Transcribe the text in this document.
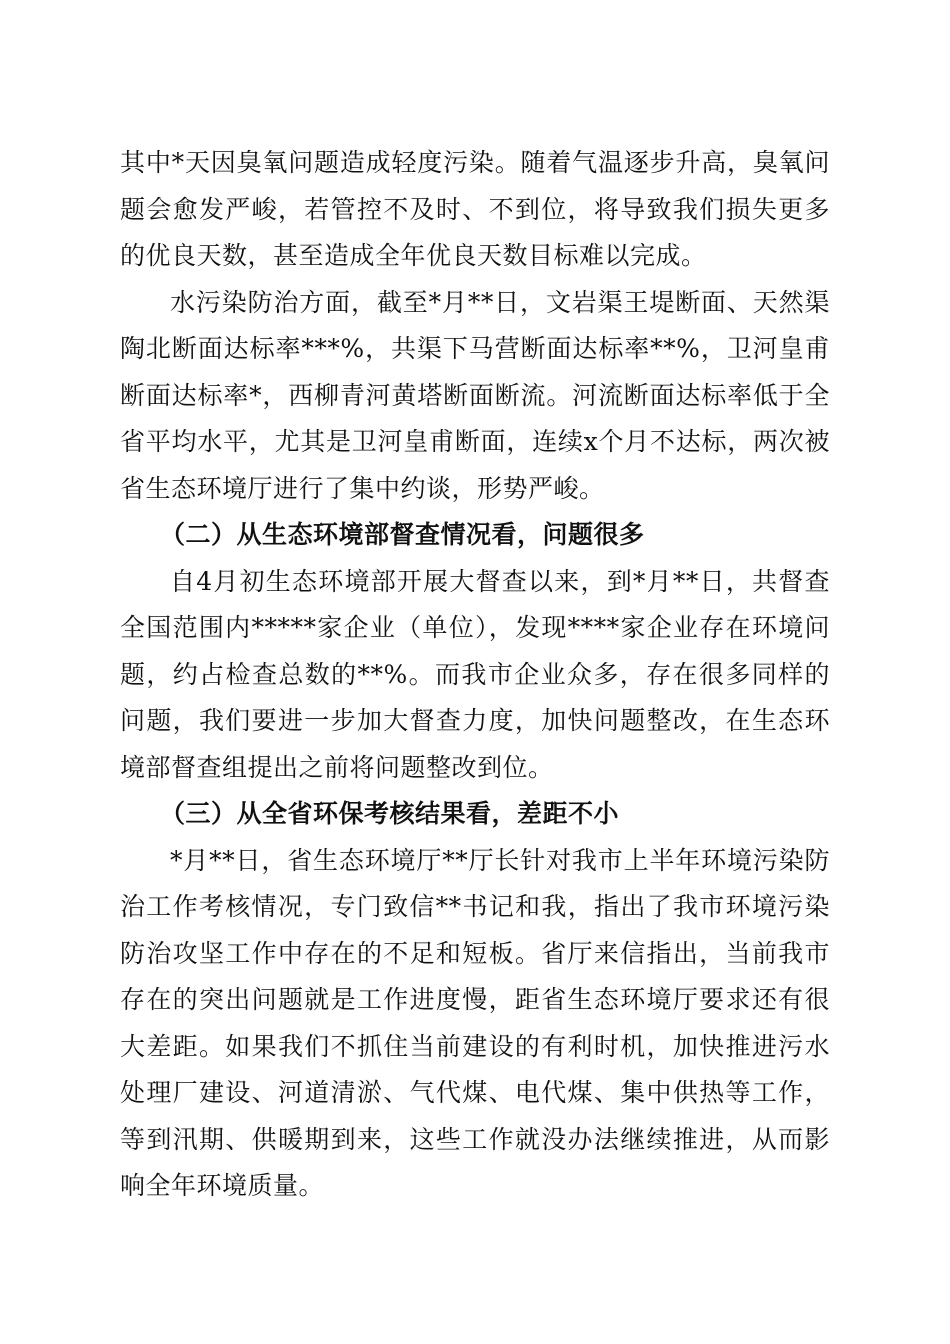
其中*天因臭氧问题造成轻度污染。随着气温逐步升高，臭氧问题会愈发严峻，若管控不及时、不到位，将导致我们损失更多的优良天数，甚至造成全年优良天数目标难以完成。

水污染防治方面，截至*月**日，文岩渠王堤断面、天然渠陶北断面达标率***%，共渠下马营断面达标率**%，卫河皇甫断面达标率*，西柳青河黄塔断面断流。河流断面达标率低于全省平均水平，尤其是卫河皇甫断面，连续x个月不达标，两次被省生态环境厅进行了集中约谈，形势严峻。

（二）从生态环境部督查情况看，问题很多

自4月初生态环境部开展大督查以来，到*月**日，共督查全国范围内*****家企业（单位），发现****家企业存在环境问题，约占检查总数的**%。而我市企业众多，存在很多同样的问题，我们要进一步加大督查力度，加快问题整改，在生态环境部督查组提出之前将问题整改到位。

（三）从全省环保考核结果看，差距不小

*月**日，省生态环境厅**厅长针对我市上半年环境污染防治工作考核情况，专门致信**书记和我，指出了我市环境污染防治攻坚工作中存在的不足和短板。省厅来信指出，当前我市存在的突出问题就是工作进度慢，距省生态环境厅要求还有很大差距。如果我们不抓住当前建设的有利时机，加快推进污水处理厂建设、河道清淤、气代煤、电代煤、集中供热等工作，等到汛期、供暖期到来，这些工作就没办法继续推进，从而影响全年环境质量。
